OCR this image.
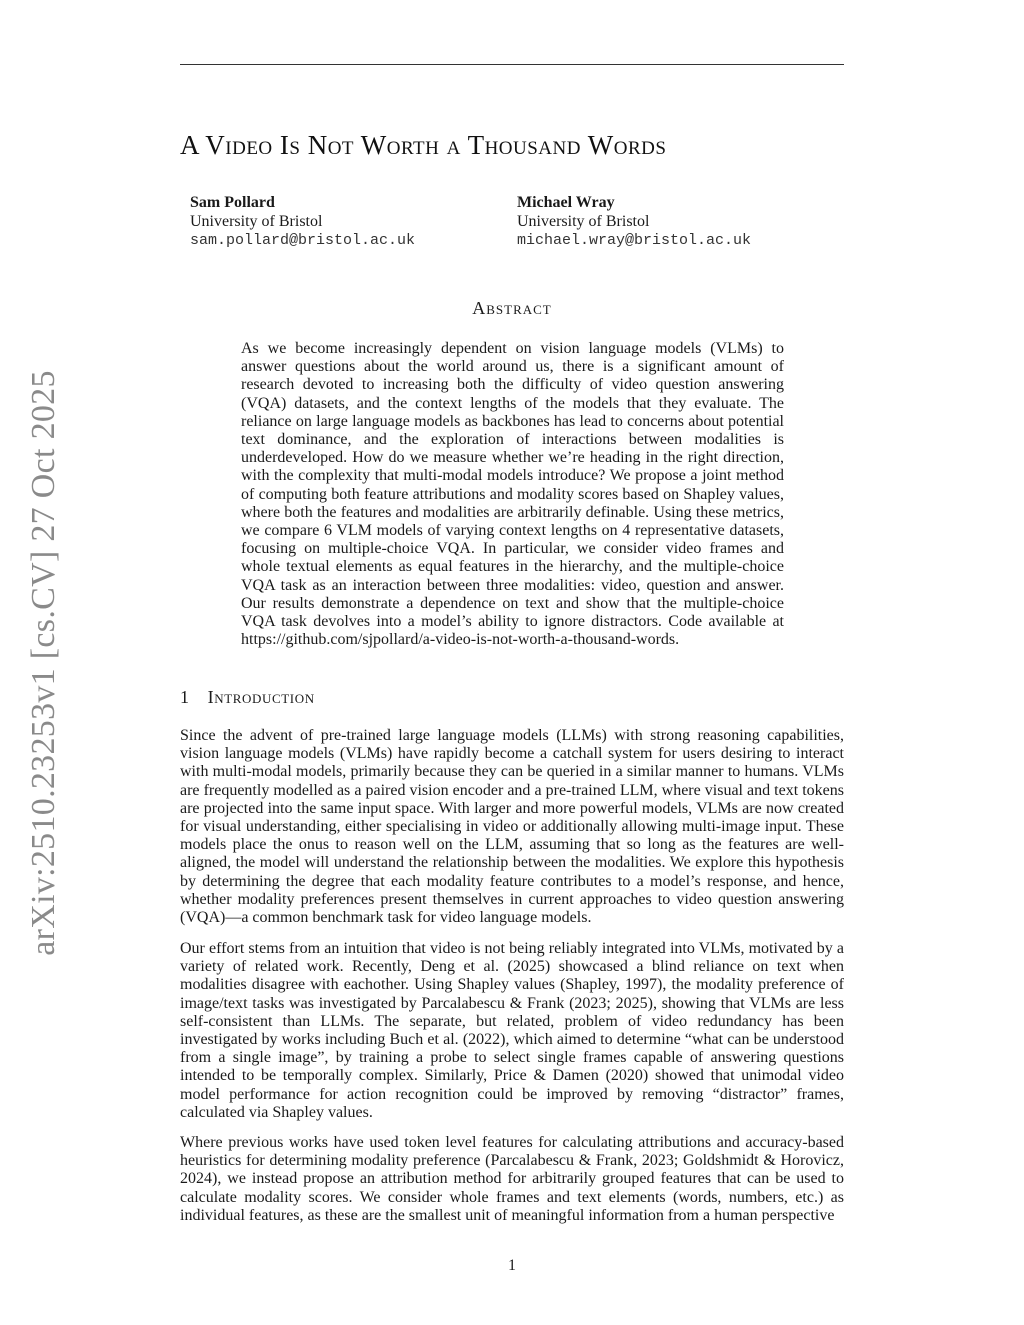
arXiv:2510.23253v1 [cs.CV] 27 Oct 2025
A Video Is Not Worth a Thousand Words
Sam Pollard
University of Bristol
sam.pollard@bristol.ac.uk
Michael Wray
University of Bristol
michael.wray@bristol.ac.uk
Abstract

As we become increasingly dependent on vision language models (VLMs) to answer questions about the world around us, there is a significant amount of research devoted to increasing both the difficulty of video question answering (VQA) datasets, and the context lengths of the models that they evaluate. The reliance on large language models as backbones has lead to concerns about potential text dominance, and the exploration of interactions between modalities is underdeveloped. How do we measure whether we’re heading in the right direction, with the complexity that multi-modal models introduce? We propose a joint method of computing both feature attributions and modality scores based on Shapley values, where both the features and modalities are arbitrarily definable. Using these metrics, we compare 6 VLM models of varying context lengths on 4 representative datasets, focusing on multiple-choice VQA. In particular, we consider video frames and whole textual elements as equal features in the hierarchy, and the multiple-choice VQA task as an interaction between three modalities: video, question and answer. Our results demonstrate a dependence on text and show that the multiple-choice VQA task devolves into a model’s ability to ignore distractors. Code available at https://github.com/sjpollard/a-video-is-not-worth-a-thousand-words.

1 Introduction

Since the advent of pre-trained large language models (LLMs) with strong reasoning capabilities, vision language models (VLMs) have rapidly become a catchall system for users desiring to interact with multi-modal models, primarily because they can be queried in a similar manner to humans. VLMs are frequently modelled as a paired vision encoder and a pre-trained LLM, where visual and text tokens are projected into the same input space. With larger and more powerful models, VLMs are now created for visual understanding, either specialising in video or additionally allowing multi-image input. These models place the onus to reason well on the LLM, assuming that so long as the features are well-aligned, the model will understand the relationship between the modalities. We explore this hypothesis by determining the degree that each modality feature contributes to a model’s response, and hence, whether modality preferences present themselves in current approaches to video question answering (VQA)—a common benchmark task for video language models.

Our effort stems from an intuition that video is not being reliably integrated into VLMs, motivated by a variety of related work. Recently, Deng et al. (2025) showcased a blind reliance on text when modalities disagree with eachother. Using Shapley values (Shapley, 1997), the modality preference of image/text tasks was investigated by Parcalabescu & Frank (2023; 2025), showing that VLMs are less self-consistent than LLMs. The separate, but related, problem of video redundancy has been investigated by works including Buch et al. (2022), which aimed to determine “what can be understood from a single image”, by training a probe to select single frames capable of answering questions intended to be temporally complex. Similarly, Price & Damen (2020) showed that unimodal video model performance for action recognition could be improved by removing “distractor” frames, calculated via Shapley values.

Where previous works have used token level features for calculating attributions and accuracy-based heuristics for determining modality preference (Parcalabescu & Frank, 2023; Goldshmidt & Horovicz, 2024), we instead propose an attribution method for arbitrarily grouped features that can be used to calculate modality scores. We consider whole frames and text elements (words, numbers, etc.) as individual features, as these are the smallest unit of meaningful information from a human perspective

1
